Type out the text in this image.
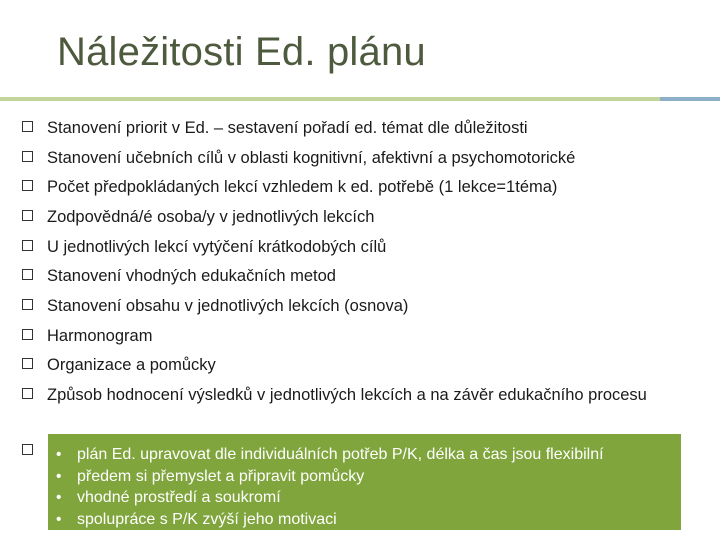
Náležitosti Ed. plánu
Stanovení priorit v Ed. – sestavení pořadí ed. témat dle důležitosti
Stanovení učebních cílů v oblasti kognitivní, afektivní a psychomotorické
Počet předpokládaných lekcí vzhledem k ed. potřebě (1 lekce=1téma)
Zodpovědná/é osoba/y v jednotlivých lekcích
U jednotlivých lekcí vytýčení krátkodobých cílů
Stanovení vhodných edukačních metod
Stanovení obsahu v jednotlivých lekcích (osnova)
Harmonogram
Organizace a pomůcky
Způsob hodnocení výsledků v jednotlivých lekcích a na závěr edukačního procesu
• plán Ed. upravovat dle individuálních potřeb P/K, délka a čas jsou flexibilní
• předem si přemyslet a připravit pomůcky
• vhodné prostředí a soukromí
• spolupráce s P/K zvýší jeho motivaci
